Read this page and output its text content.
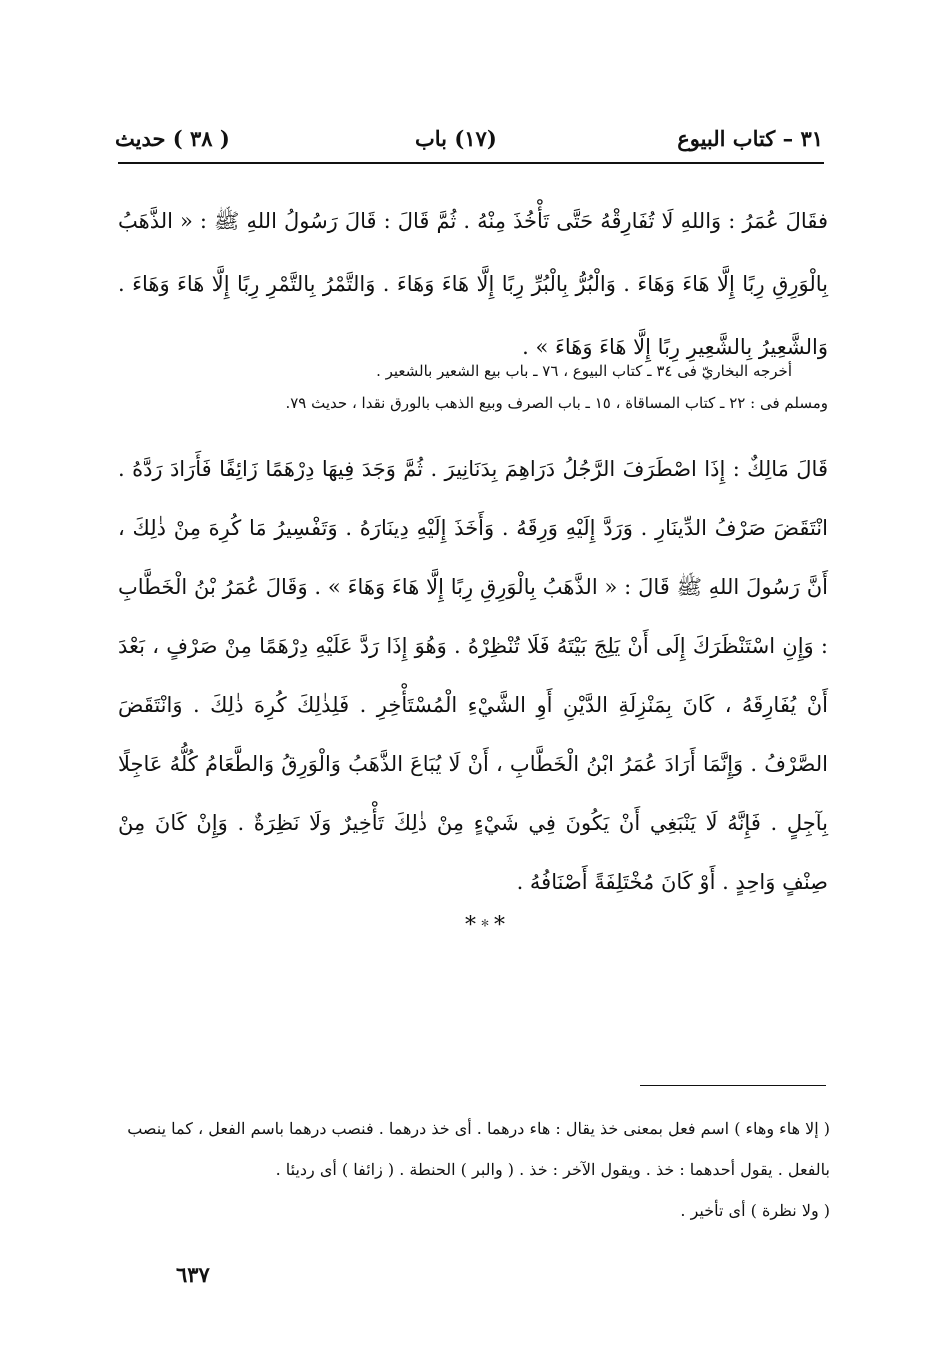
٣١ – كتاب البيوع
(١٧) باب
( ٣٨ ) حديث
فقَالَ عُمَرُ : وَاللهِ لَا تُفَارِقْهُ حَتَّى تَأْخُذَ مِنْهُ . ثُمَّ قَالَ : قَالَ رَسُولُ اللهِ ﷺ : « الذَّهَبُ بِالْوَرِقِ رِبًا إِلَّا هَاءَ وَهَاءَ . وَالْبُرُّ بِالْبُرِّ رِبًا إِلَّا هَاءَ وَهَاءَ . وَالتَّمْرُ بِالتَّمْرِ رِبًا إِلَّا هَاءَ وَهَاءَ . وَالشَّعِيرُ بِالشَّعِيرِ رِبًا إِلَّا هَاءَ وَهَاءَ » .
أخرجه البخاريّ فى ٣٤ ـ كتاب البيوع ، ٧٦ ـ باب بيع الشعير بالشعير .
ومسلم فى : ٢٢ ـ كتاب المساقاة ، ١٥ ـ باب الصرف وبيع الذهب بالورق نقدا ، حديث ٧٩.
قَالَ مَالِكٌ : إِذَا اصْطَرَفَ الرَّجُلُ دَرَاهِمَ بِدَنَانِيرَ . ثُمَّ وَجَدَ فِيهَا دِرْهَمًا زَائِفًا فَأَرَادَ رَدَّهُ . انْتَقَضَ صَرْفُ الدِّينَارِ . وَرَدَّ إِلَيْهِ وَرِقَهُ . وَأَخَذَ إِلَيْهِ دِينَارَهُ . وَتَفْسِيرُ مَا كُرِهَ مِنْ ذٰلِكَ ، أَنَّ رَسُولَ اللهِ ﷺ قَالَ : « الذَّهَبُ بِالْوَرِقِ رِبًا إِلَّا هَاءَ وَهَاءَ » . وَقَالَ عُمَرُ بْنُ الْخَطَّابِ : وَإِنِ اسْتَنْظَرَكَ إِلَى أَنْ يَلِجَ بَيْتَهُ فَلَا تُنْظِرْهُ . وَهُوَ إِذَا رَدَّ عَلَيْهِ دِرْهَمًا مِنْ صَرْفٍ ، بَعْدَ أَنْ يُفَارِقَهُ ، كَانَ بِمَنْزِلَةِ الدَّيْنِ أَوِ الشَّيْءِ الْمُسْتَأْخِرِ . فَلِذٰلِكَ كُرِهَ ذٰلِكَ . وَانْتَقَضَ الصَّرْفُ . وَإِنَّمَا أَرَادَ عُمَرُ ابْنُ الْخَطَّابِ ، أَنْ لَا يُبَاعَ الذَّهَبُ وَالْوَرِقُ وَالطَّعَامُ كُلُّهُ عَاجِلًا بِآجِلٍ . فَإِنَّهُ لَا يَنْبَغِي أَنْ يَكُونَ فِي شَيْءٍ مِنْ ذٰلِكَ تَأْخِيرٌ وَلَا نَظِرَةٌ . وَإِنْ كَانَ مِنْ صِنْفٍ وَاحِدٍ . أَوْ كَانَ مُخْتَلِفَةً أَصْنَافُهُ .
*﹡*
( إلا هاء وهاء ) اسم فعل بمعنى خذ يقال : هاء درهما . أى خذ درهما . فنصب درهما باسم الفعل ، كما ينصب
بالفعل . يقول أحدهما : خذ . ويقول الآخر : خذ . ( والبر ) الحنطة . ( زائفا ) أى رديئا .
( ولا نظرة ) أى تأخير .
٦٣٧
